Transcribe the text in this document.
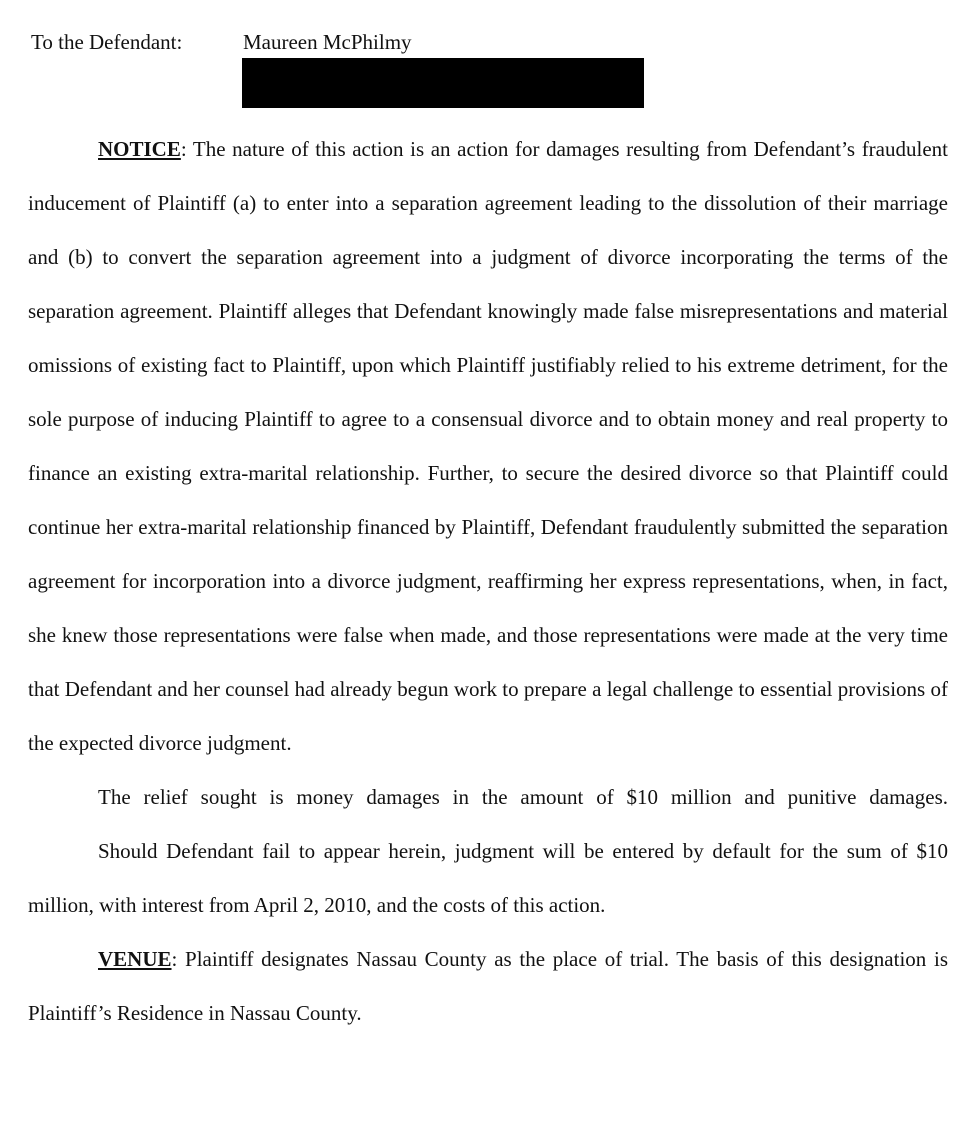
To the Defendant:	Maureen McPhilmy

NOTICE: The nature of this action is an action for damages resulting from Defendant’s fraudulent inducement of Plaintiff (a) to enter into a separation agreement leading to the dissolution of their marriage and (b) to convert the separation agreement into a judgment of divorce incorporating the terms of the separation agreement. Plaintiff alleges that Defendant knowingly made false misrepresentations and material omissions of existing fact to Plaintiff, upon which Plaintiff justifiably relied to his extreme detriment, for the sole purpose of inducing Plaintiff to agree to a consensual divorce and to obtain money and real property to finance an existing extra-marital relationship. Further, to secure the desired divorce so that Plaintiff could continue her extra-marital relationship financed by Plaintiff, Defendant fraudulently submitted the separation agreement for incorporation into a divorce judgment, reaffirming her express representations, when, in fact, she knew those representations were false when made, and those representations were made at the very time that Defendant and her counsel had already begun work to prepare a legal challenge to essential provisions of the expected divorce judgment.

The relief sought is money damages in the amount of $10 million and punitive damages.

Should Defendant fail to appear herein, judgment will be entered by default for the sum of $10 million, with interest from April 2, 2010, and the costs of this action.

VENUE: Plaintiff designates Nassau County as the place of trial. The basis of this designation is Plaintiff’s Residence in Nassau County.
